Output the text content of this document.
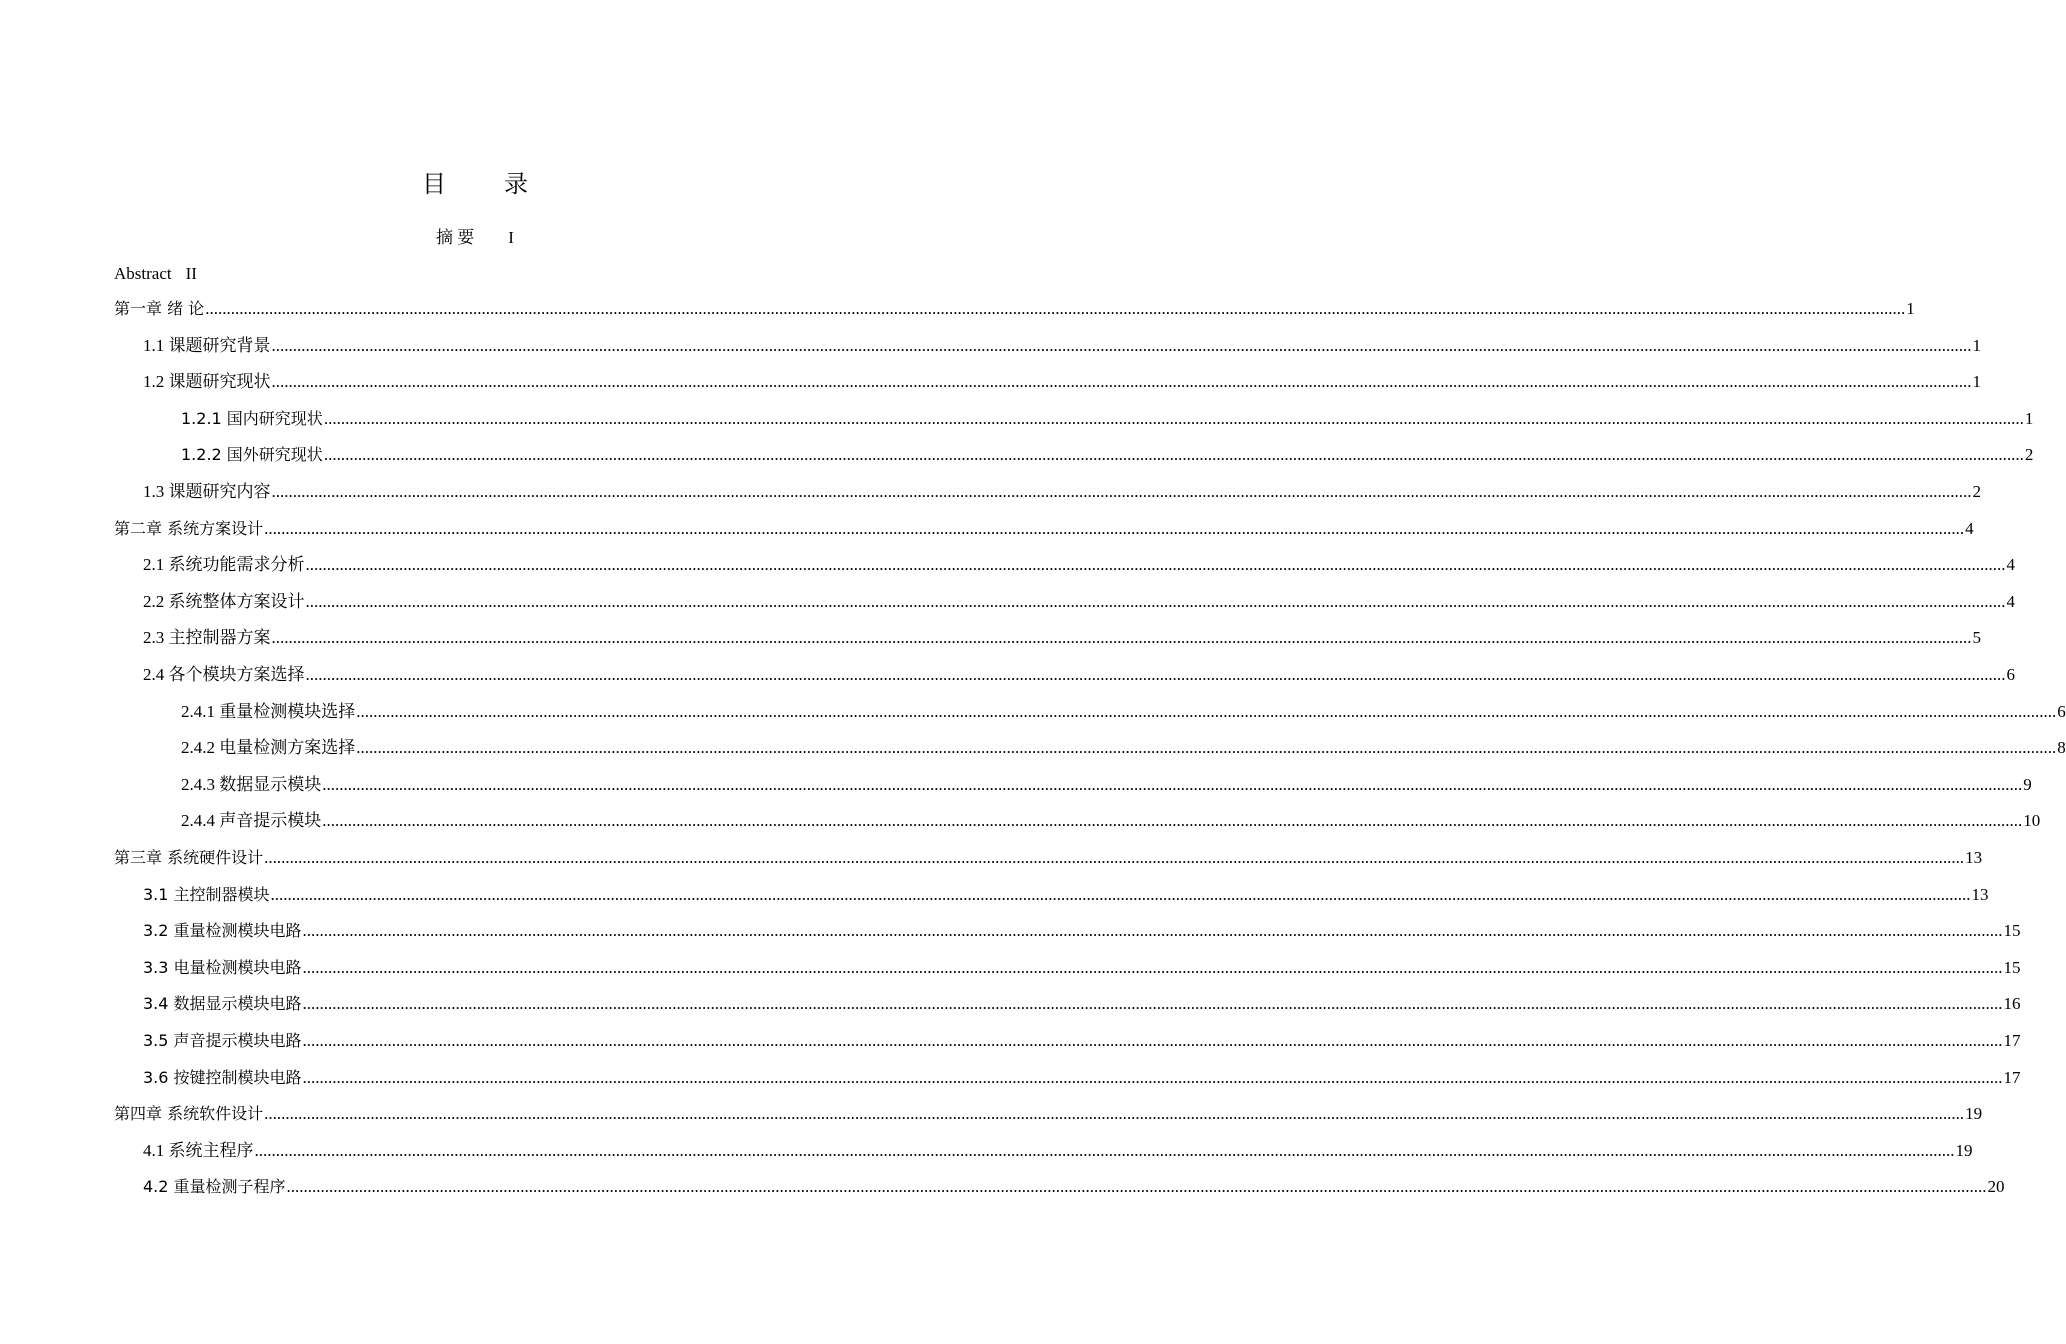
目 录
摘 要 I
Abstract II
第一章 绪 论 ................................................................................................................................................................................................................................................................................................................................................................................................................ 1
1.1 课题研究背景 ................................................................................................................................................................................................................................................................................................................................................................................................................ 1
1.2 课题研究现状 ................................................................................................................................................................................................................................................................................................................................................................................................................ 1
1.2.1 国内研究现状 ................................................................................................................................................................................................................................................................................................................................................................................................................ 1
1.2.2 国外研究现状 ................................................................................................................................................................................................................................................................................................................................................................................................................ 2
1.3 课题研究内容 ................................................................................................................................................................................................................................................................................................................................................................................................................ 2
第二章 系统方案设计 ................................................................................................................................................................................................................................................................................................................................................................................................................ 4
2.1 系统功能需求分析 ................................................................................................................................................................................................................................................................................................................................................................................................................ 4
2.2 系统整体方案设计 ................................................................................................................................................................................................................................................................................................................................................................................................................ 4
2.3 主控制器方案 ................................................................................................................................................................................................................................................................................................................................................................................................................ 5
2.4 各个模块方案选择 ................................................................................................................................................................................................................................................................................................................................................................................................................ 6
2.4.1 重量检测模块选择 ................................................................................................................................................................................................................................................................................................................................................................................................................ 6
2.4.2 电量检测方案选择 ................................................................................................................................................................................................................................................................................................................................................................................................................ 8
2.4.3 数据显示模块 ................................................................................................................................................................................................................................................................................................................................................................................................................ 9
2.4.4 声音提示模块 ................................................................................................................................................................................................................................................................................................................................................................................................................ 10
第三章 系统硬件设计 ................................................................................................................................................................................................................................................................................................................................................................................................................ 13
3.1 主控制器模块 ................................................................................................................................................................................................................................................................................................................................................................................................................ 13
3.2 重量检测模块电路 ................................................................................................................................................................................................................................................................................................................................................................................................................ 15
3.3 电量检测模块电路 ................................................................................................................................................................................................................................................................................................................................................................................................................ 15
3.4 数据显示模块电路 ................................................................................................................................................................................................................................................................................................................................................................................................................ 16
3.5 声音提示模块电路 ................................................................................................................................................................................................................................................................................................................................................................................................................ 17
3.6 按键控制模块电路 ................................................................................................................................................................................................................................................................................................................................................................................................................ 17
第四章 系统软件设计 ................................................................................................................................................................................................................................................................................................................................................................................................................ 19
4.1 系统主程序 ................................................................................................................................................................................................................................................................................................................................................................................................................ 19
4.2 重量检测子程序 ................................................................................................................................................................................................................................................................................................................................................................................................................ 20
